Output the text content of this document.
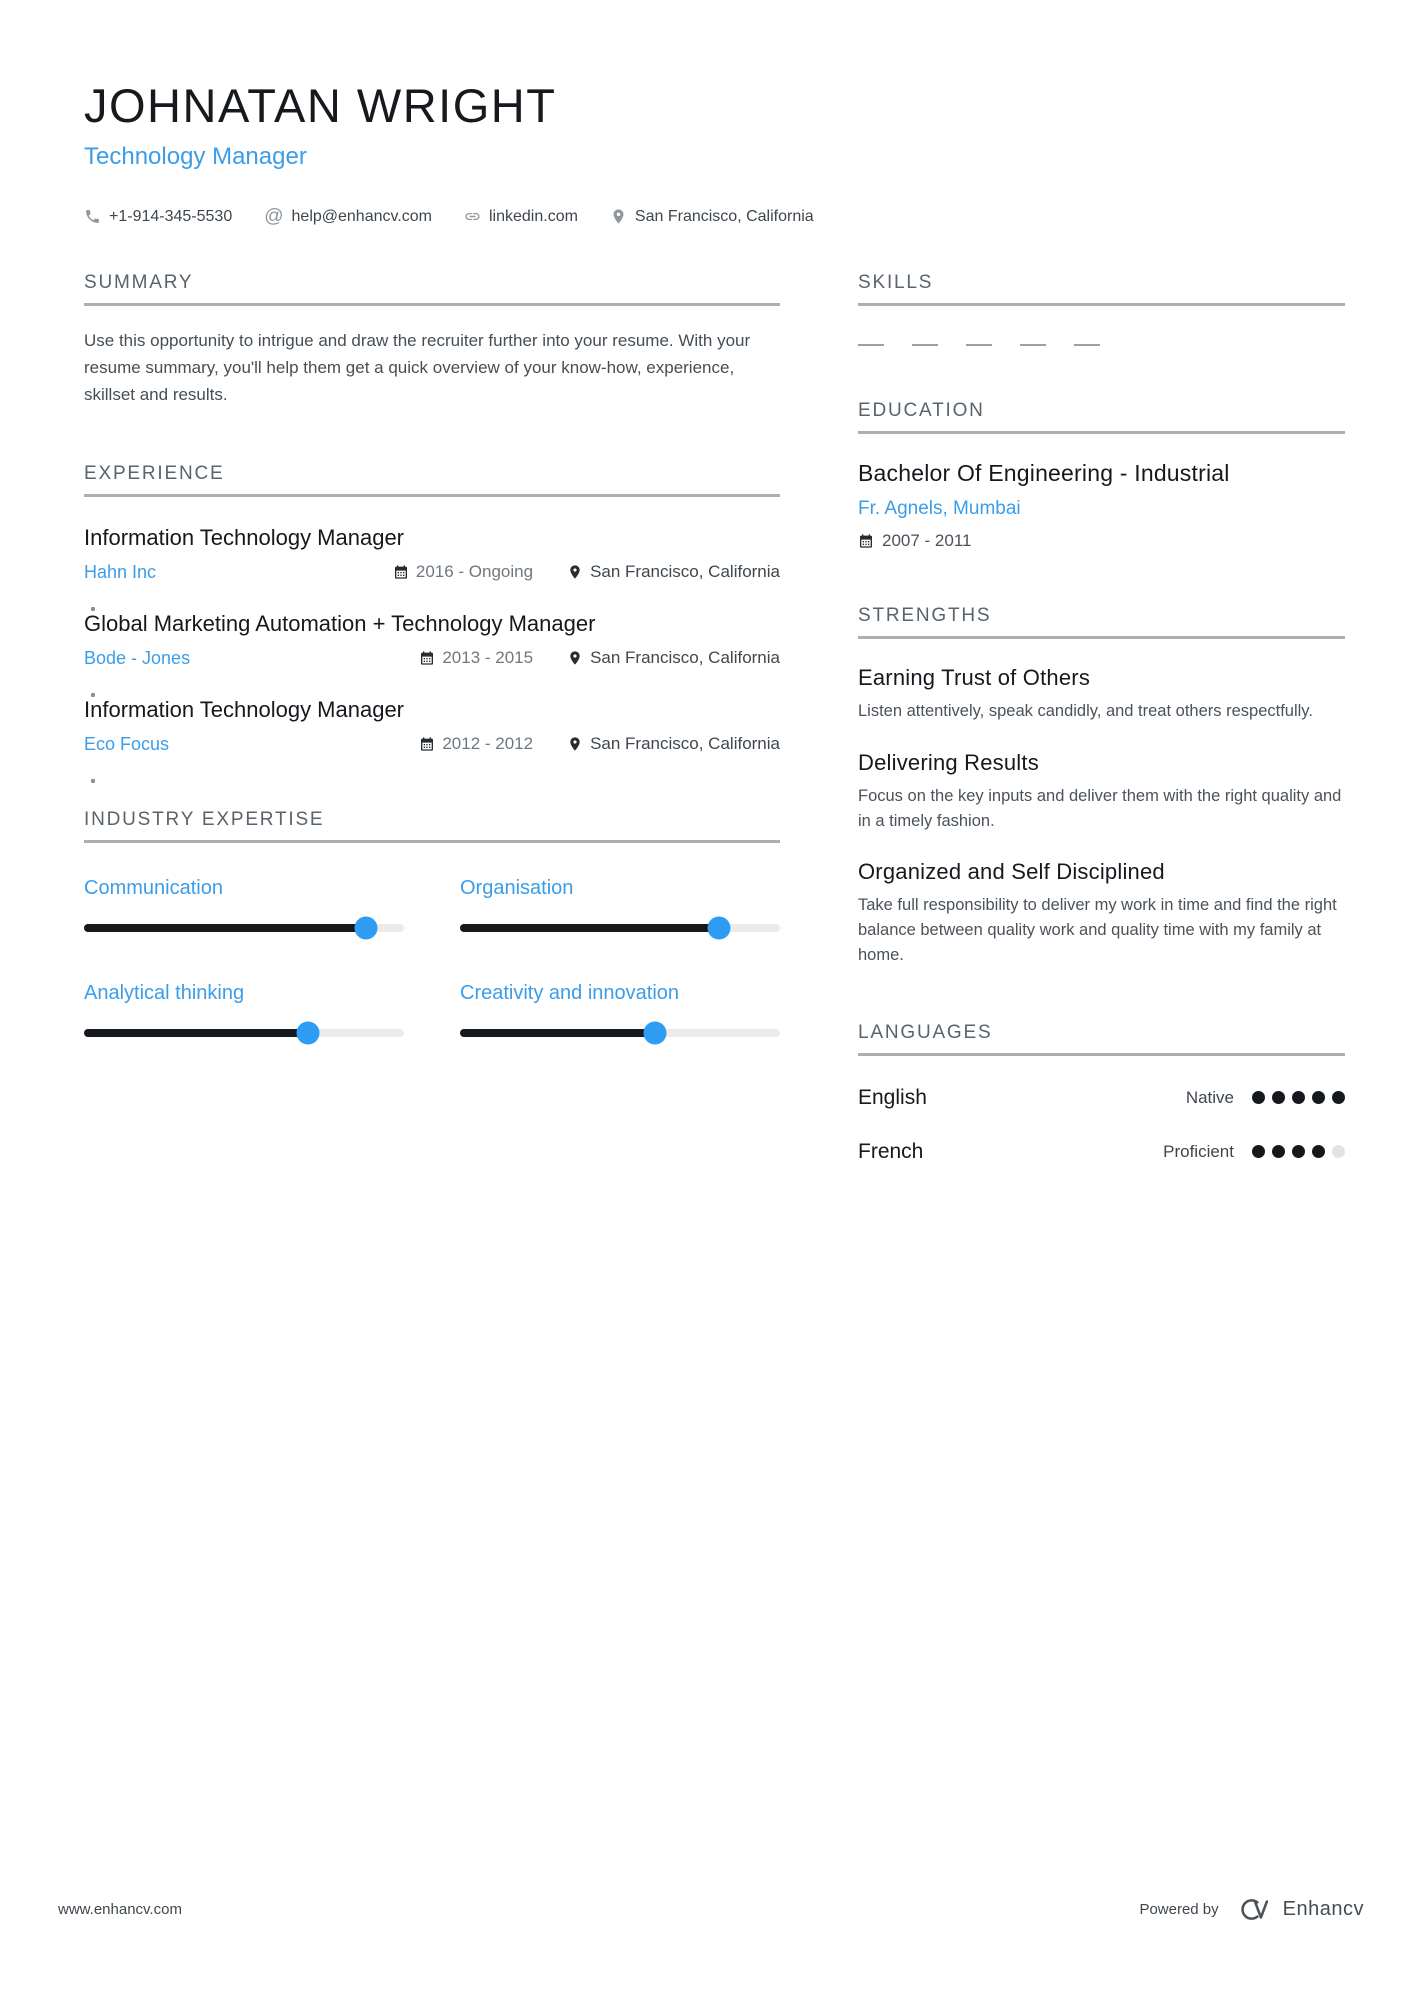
JOHNATAN WRIGHT
Technology Manager
+1-914-345-5530 @ help@enhancv.com	linkedin.com	San Francisco, California
SUMMARY
Use this opportunity to intrigue and draw the recruiter further into your resume. With your resume summary, you'll help them get a quick overview of your know-how, experience, skillset and results.
EXPERIENCE
Information Technology Manager
Hahn Inc	2016 - Ongoing	San Francisco, California
Global Marketing Automation + Technology Manager
Bode - Jones	2013 - 2015	San Francisco, California
Information Technology Manager
Eco Focus	2012 - 2012	San Francisco, California
INDUSTRY EXPERTISE
Communication	Organisation
Analytical thinking	Creativity and innovation
SKILLS
EDUCATION
Bachelor Of Engineering - Industrial
Fr. Agnels, Mumbai
2007 - 2011
STRENGTHS
Earning Trust of Others
Listen attentively, speak candidly, and treat others respectfully.
Delivering Results
Focus on the key inputs and deliver them with the right quality and in a timely fashion.
Organized and Self Disciplined
Take full responsibility to deliver my work in time and find the right balance between quality work and quality time with my family at home.
LANGUAGES
English	Native
French	Proficient
www.enhancv.com	Powered by	Enhancv
